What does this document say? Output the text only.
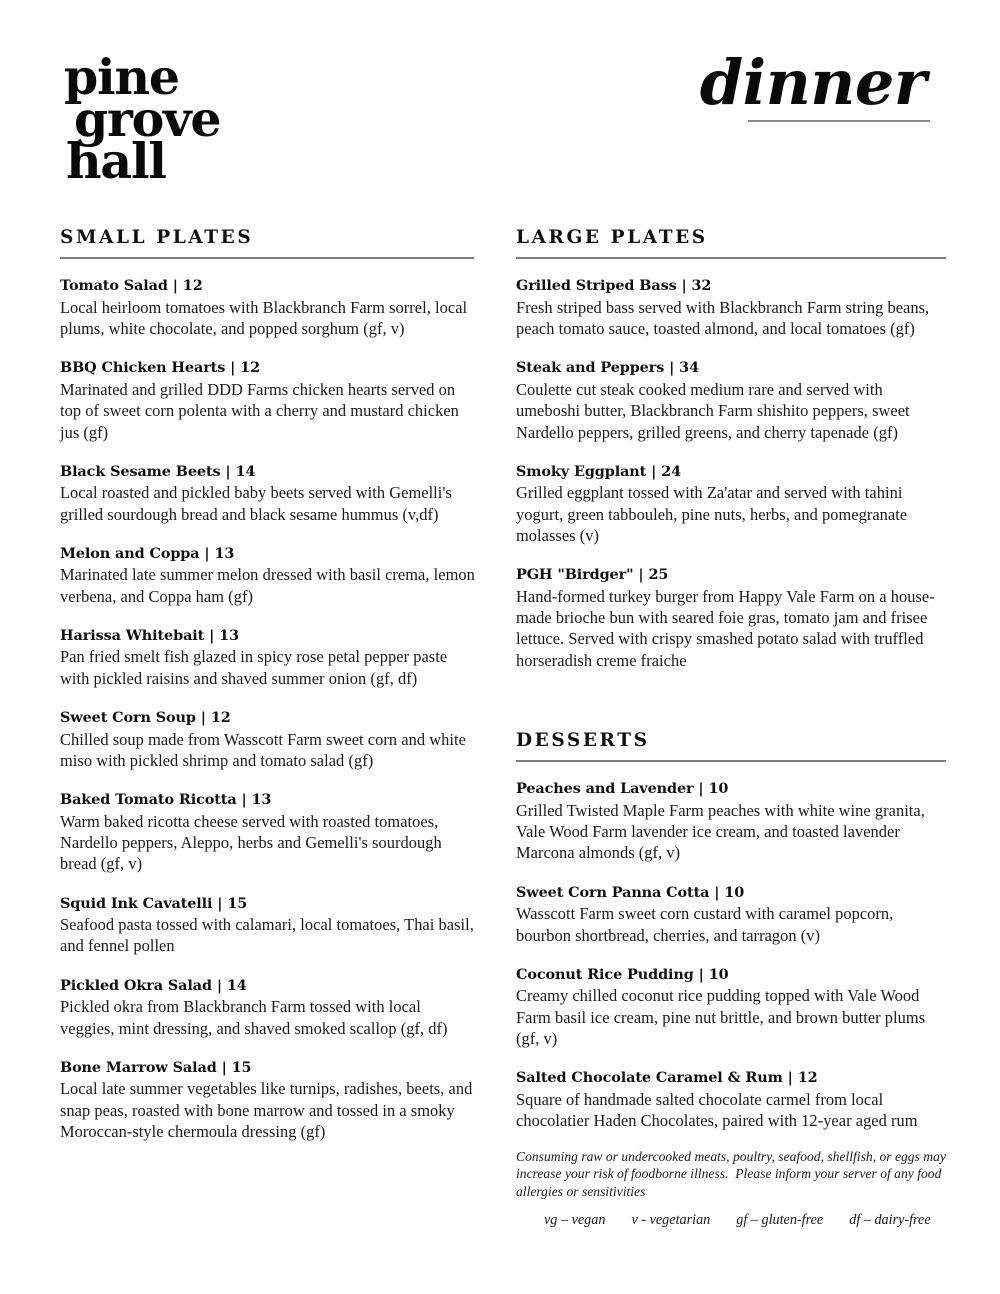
pine
grove
hall
dinner
SMALL PLATES
Tomato Salad | 12
Local heirloom tomatoes with Blackbranch Farm sorrel, local plums, white chocolate, and popped sorghum (gf, v)
BBQ Chicken Hearts | 12
Marinated and grilled DDD Farms chicken hearts served on top of sweet corn polenta with a cherry and mustard chicken jus (gf)
Black Sesame Beets | 14
Local roasted and pickled baby beets served with Gemelli's grilled sourdough bread and black sesame hummus (v,df)
Melon and Coppa | 13
Marinated late summer melon dressed with basil crema, lemon verbena, and Coppa ham (gf)
Harissa Whitebait | 13
Pan fried smelt fish glazed in spicy rose petal pepper paste with pickled raisins and shaved summer onion (gf, df)
Sweet Corn Soup | 12
Chilled soup made from Wasscott Farm sweet corn and white miso with pickled shrimp and tomato salad (gf)
Baked Tomato Ricotta | 13
Warm baked ricotta cheese served with roasted tomatoes, Nardello peppers, Aleppo, herbs and Gemelli's sourdough bread (gf, v)
Squid Ink Cavatelli | 15
Seafood pasta tossed with calamari, local tomatoes, Thai basil, and fennel pollen
Pickled Okra Salad | 14
Pickled okra from Blackbranch Farm tossed with local veggies, mint dressing, and shaved smoked scallop (gf, df)
Bone Marrow Salad | 15
Local late summer vegetables like turnips, radishes, beets, and snap peas, roasted with bone marrow and tossed in a smoky Moroccan-style chermoula dressing (gf)
LARGE PLATES
Grilled Striped Bass | 32
Fresh striped bass served with Blackbranch Farm string beans, peach tomato sauce, toasted almond, and local tomatoes (gf)
Steak and Peppers | 34
Coulette cut steak cooked medium rare and served with umeboshi butter, Blackbranch Farm shishito peppers, sweet Nardello peppers, grilled greens, and cherry tapenade (gf)
Smoky Eggplant | 24
Grilled eggplant tossed with Za'atar and served with tahini yogurt, green tabbouleh, pine nuts, herbs, and pomegranate molasses (v)
PGH "Birdger" | 25
Hand-formed turkey burger from Happy Vale Farm on a house-made brioche bun with seared foie gras, tomato jam and frisee lettuce. Served with crispy smashed potato salad with truffled horseradish creme fraiche
DESSERTS
Peaches and Lavender | 10
Grilled Twisted Maple Farm peaches with white wine granita, Vale Wood Farm lavender ice cream, and toasted lavender Marcona almonds (gf, v)
Sweet Corn Panna Cotta | 10
Wasscott Farm sweet corn custard with caramel popcorn, bourbon shortbread, cherries, and tarragon (v)
Coconut Rice Pudding | 10
Creamy chilled coconut rice pudding topped with Vale Wood Farm basil ice cream, pine nut brittle, and brown butter plums (gf, v)
Salted Chocolate Caramel & Rum | 12
Square of handmade salted chocolate carmel from local chocolatier Haden Chocolates, paired with 12-year aged rum

Consuming raw or undercooked meats, poultry, seafood, shellfish, or eggs may increase your risk of foodborne illness.  Please inform your server of any food allergies or sensitivities

vg – vegan v - vegetarian gf – gluten-free df – dairy-free
